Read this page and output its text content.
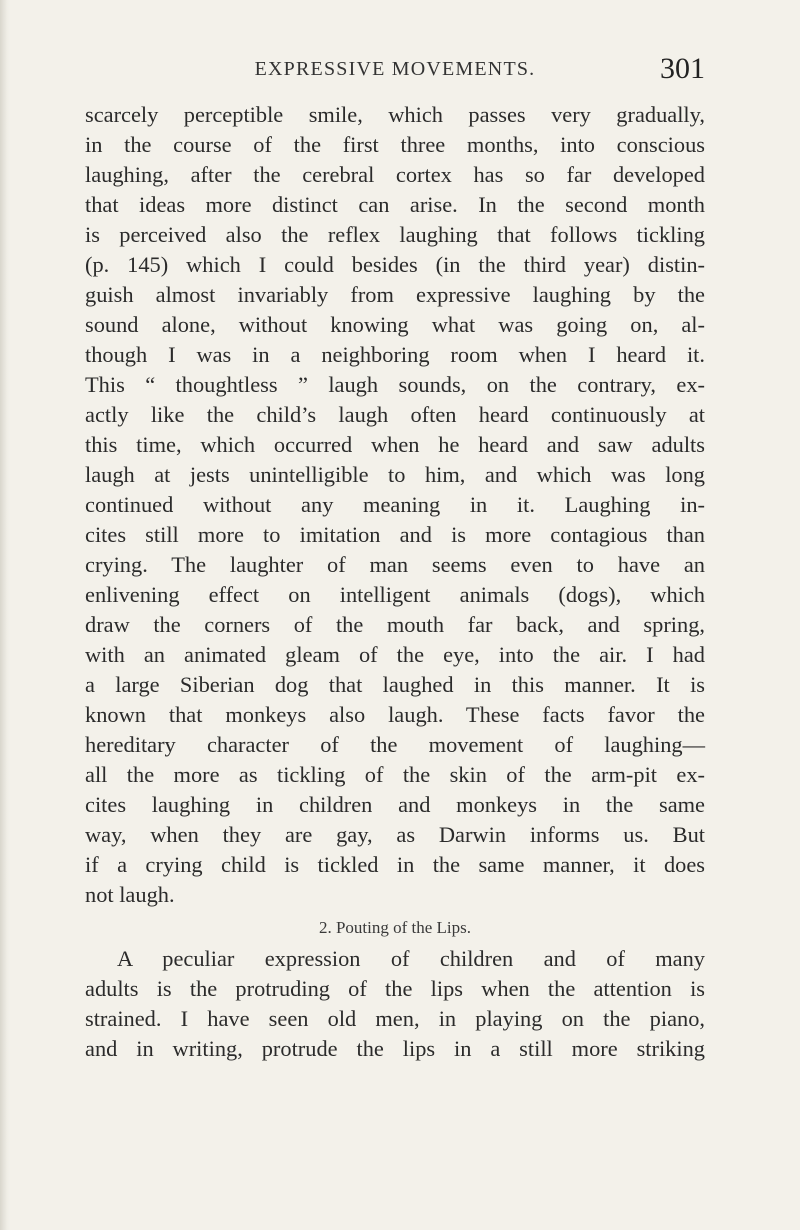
EXPRESSIVE MOVEMENTS.	301
scarcely perceptible smile, which passes very gradually,
in the course of the first three months, into conscious
laughing, after the cerebral cortex has so far developed
that ideas more distinct can arise. In the second month
is perceived also the reflex laughing that follows tickling
(p. 145) which I could besides (in the third year) distin-
guish almost invariably from expressive laughing by the
sound alone, without knowing what was going on, al-
though I was in a neighboring room when I heard it.
This “ thoughtless ” laugh sounds, on the contrary, ex-
actly like the child’s laugh often heard continuously at
this time, which occurred when he heard and saw adults
laugh at jests unintelligible to him, and which was long
continued without any meaning in it. Laughing in-
cites still more to imitation and is more contagious than
crying. The laughter of man seems even to have an
enlivening effect on intelligent animals (dogs), which
draw the corners of the mouth far back, and spring,
with an animated gleam of the eye, into the air. I had
a large Siberian dog that laughed in this manner. It is
known that monkeys also laugh. These facts favor the
hereditary character of the movement of laughing—
all the more as tickling of the skin of the arm-pit ex-
cites laughing in children and monkeys in the same
way, when they are gay, as Darwin informs us. But
if a crying child is tickled in the same manner, it does
not laugh.
2. Pouting of the Lips.
A peculiar expression of children and of many
adults is the protruding of the lips when the attention is
strained. I have seen old men, in playing on the piano,
and in writing, protrude the lips in a still more striking
